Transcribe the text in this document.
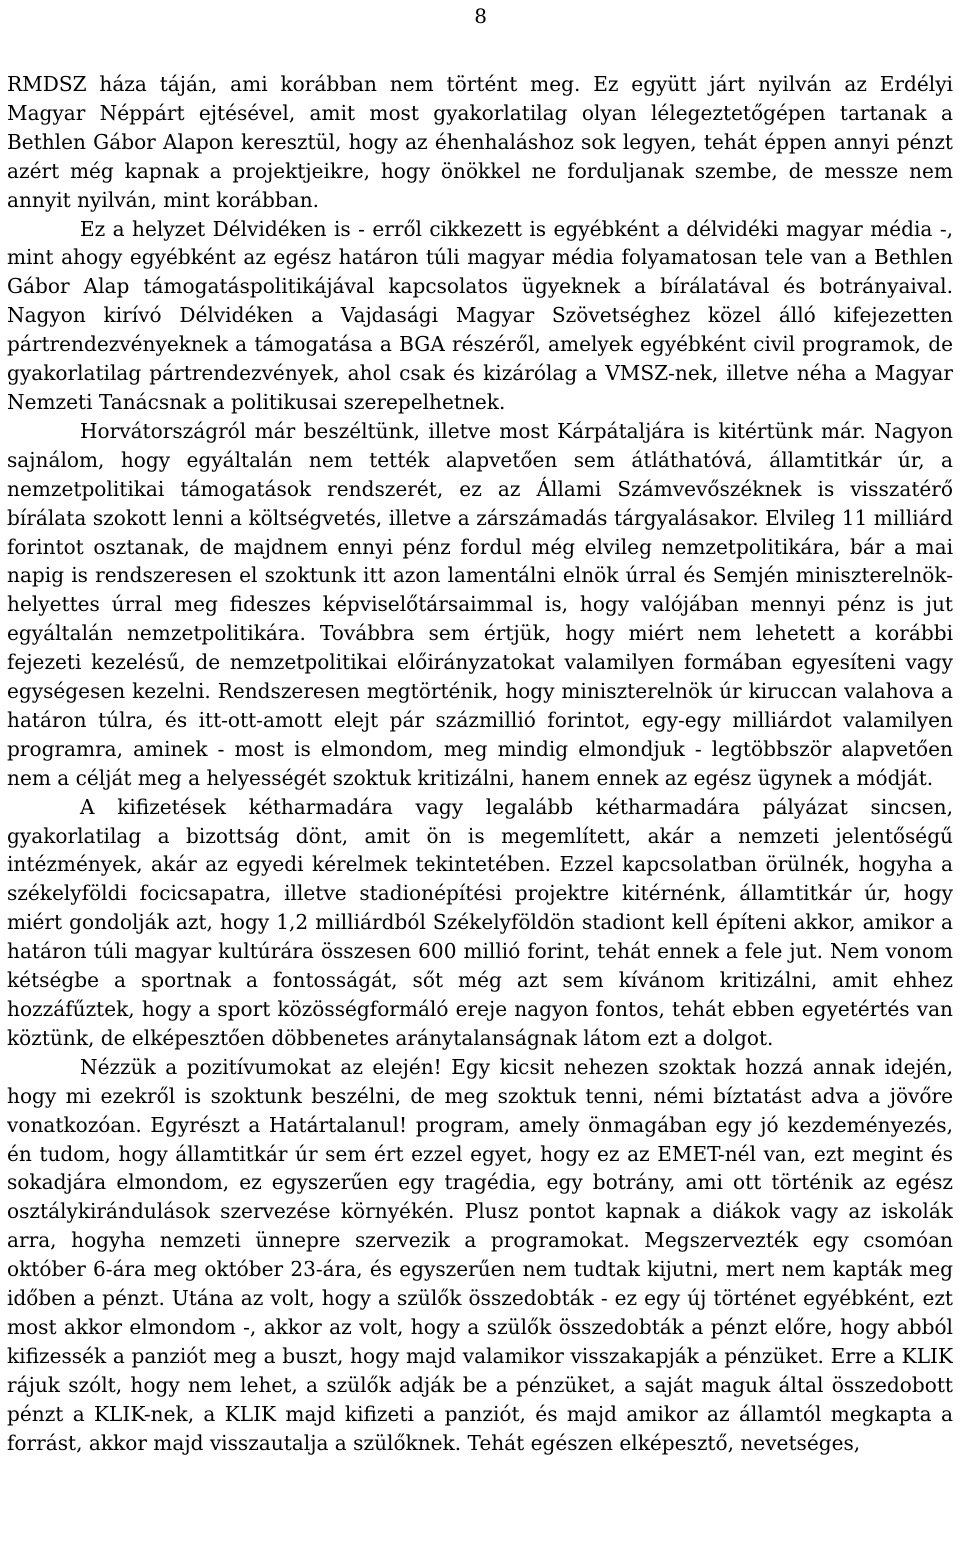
8

RMDSZ háza táján, ami korábban nem történt meg. Ez együtt járt nyilván az Erdélyi Magyar Néppárt ejtésével, amit most gyakorlatilag olyan lélegeztetőgépen tartanak a Bethlen Gábor Alapon keresztül, hogy az éhenhaláshoz sok legyen, tehát éppen annyi pénzt azért még kapnak a projektjeikre, hogy önökkel ne forduljanak szembe, de messze nem annyit nyilván, mint korábban.

Ez a helyzet Délvidéken is - erről cikkezett is egyébként a délvidéki magyar média -, mint ahogy egyébként az egész határon túli magyar média folyamatosan tele van a Bethlen Gábor Alap támogatáspolitikájával kapcsolatos ügyeknek a bírálatával és botrányaival. Nagyon kirívó Délvidéken a Vajdasági Magyar Szövetséghez közel álló kifejezetten pártrendezvényeknek a támogatása a BGA részéről, amelyek egyébként civil programok, de gyakorlatilag pártrendezvények, ahol csak és kizárólag a VMSZ-nek, illetve néha a Magyar Nemzeti Tanácsnak a politikusai szerepelhetnek.

Horvátországról már beszéltünk, illetve most Kárpátaljára is kitértünk már. Nagyon sajnálom, hogy egyáltalán nem tették alapvetően sem átláthatóvá, államtitkár úr, a nemzetpolitikai támogatások rendszerét, ez az Állami Számvevőszéknek is visszatérő bírálata szokott lenni a költségvetés, illetve a zárszámadás tárgyalásakor. Elvileg 11 milliárd forintot osztanak, de majdnem ennyi pénz fordul még elvileg nemzetpolitikára, bár a mai napig is rendszeresen el szoktunk itt azon lamentálni elnök úrral és Semjén miniszterelnök-helyettes úrral meg fideszes képviselőtársaimmal is, hogy valójában mennyi pénz is jut egyáltalán nemzetpolitikára. Továbbra sem értjük, hogy miért nem lehetett a korábbi fejezeti kezelésű, de nemzetpolitikai előirányzatokat valamilyen formában egyesíteni vagy egységesen kezelni. Rendszeresen megtörténik, hogy miniszterelnök úr kiruccan valahova a határon túlra, és itt-ott-amott elejt pár százmillió forintot, egy-egy milliárdot valamilyen programra, aminek - most is elmondom, meg mindig elmondjuk - legtöbbször alapvetően nem a célját meg a helyességét szoktuk kritizálni, hanem ennek az egész ügynek a módját.

A kifizetések kétharmadára vagy legalább kétharmadára pályázat sincsen, gyakorlatilag a bizottság dönt, amit ön is megemlített, akár a nemzeti jelentőségű intézmények, akár az egyedi kérelmek tekintetében. Ezzel kapcsolatban örülnék, hogyha a székelyföldi focicsapatra, illetve stadionépítési projektre kitérnénk, államtitkár úr, hogy miért gondolják azt, hogy 1,2 milliárdból Székelyföldön stadiont kell építeni akkor, amikor a határon túli magyar kultúrára összesen 600 millió forint, tehát ennek a fele jut. Nem vonom kétségbe a sportnak a fontosságát, sőt még azt sem kívánom kritizálni, amit ehhez hozzáfűztek, hogy a sport közösségformáló ereje nagyon fontos, tehát ebben egyetértés van köztünk, de elképesztően döbbenetes aránytalanságnak látom ezt a dolgot.

Nézzük a pozitívumokat az elején! Egy kicsit nehezen szoktak hozzá annak idején, hogy mi ezekről is szoktunk beszélni, de meg szoktuk tenni, némi bíztatást adva a jövőre vonatkozóan. Egyrészt a Határtalanul! program, amely önmagában egy jó kezdeményezés, én tudom, hogy államtitkár úr sem ért ezzel egyet, hogy ez az EMET-nél van, ezt megint és sokadjára elmondom, ez egyszerűen egy tragédia, egy botrány, ami ott történik az egész osztálykirándulások szervezése környékén. Plusz pontot kapnak a diákok vagy az iskolák arra, hogyha nemzeti ünnepre szervezik a programokat. Megszervezték egy csomóan október 6-ára meg október 23-ára, és egyszerűen nem tudtak kijutni, mert nem kapták meg időben a pénzt. Utána az volt, hogy a szülők összedobták - ez egy új történet egyébként, ezt most akkor elmondom -, akkor az volt, hogy a szülők összedobták a pénzt előre, hogy abból kifizessék a panziót meg a buszt, hogy majd valamikor visszakapják a pénzüket. Erre a KLIK rájuk szólt, hogy nem lehet, a szülők adják be a pénzüket, a saját maguk által összedobott pénzt a KLIK-nek, a KLIK majd kifizeti a panziót, és majd amikor az államtól megkapta a forrást, akkor majd visszautalja a szülőknek. Tehát egészen elképesztő, nevetséges,
